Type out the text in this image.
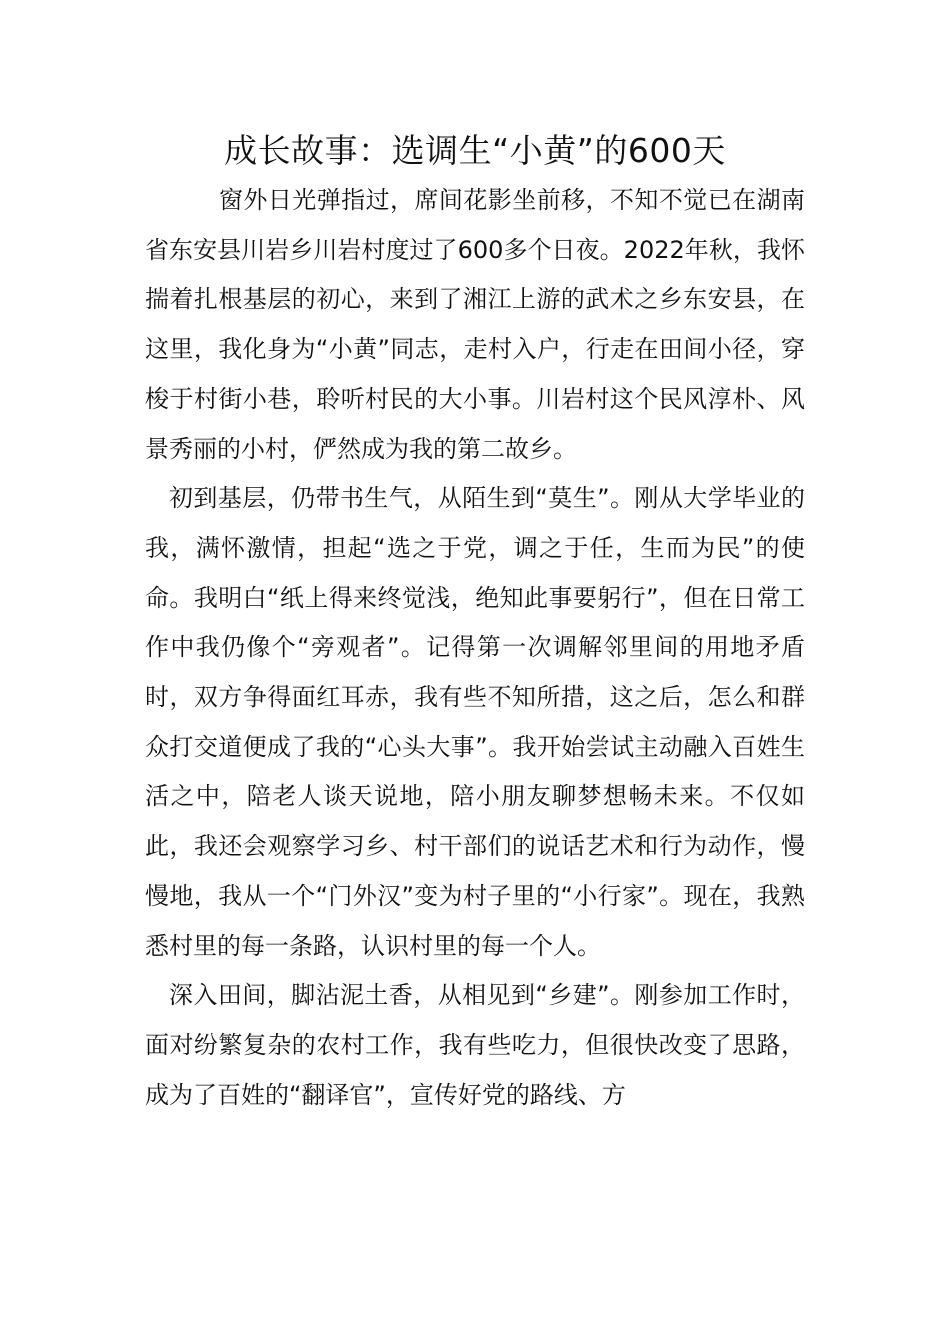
成长故事：选调生“小黄”的600天

窗外日光弹指过，席间花影坐前移，不知不觉已在湖南省东安县川岩乡川岩村度过了600多个日夜。2022年秋，我怀揣着扎根基层的初心，来到了湘江上游的武术之乡东安县，在这里，我化身为“小黄”同志，走村入户，行走在田间小径，穿梭于村街小巷，聆听村民的大小事。川岩村这个民风淳朴、风景秀丽的小村，俨然成为我的第二故乡。

初到基层，仍带书生气，从陌生到“莫生”。刚从大学毕业的我，满怀激情，担起“选之于党，调之于任，生而为民”的使命。我明白“纸上得来终觉浅，绝知此事要躬行”，但在日常工作中我仍像个“旁观者”。记得第一次调解邻里间的用地矛盾时，双方争得面红耳赤，我有些不知所措，这之后，怎么和群众打交道便成了我的“心头大事”。我开始尝试主动融入百姓生活之中，陪老人谈天说地，陪小朋友聊梦想畅未来。不仅如此，我还会观察学习乡、村干部们的说话艺术和行为动作，慢慢地，我从一个“门外汉”变为村子里的“小行家”。现在，我熟悉村里的每一条路，认识村里的每一个人。

深入田间，脚沾泥土香，从相见到“乡建”。刚参加工作时，面对纷繁复杂的农村工作，我有些吃力，但很快改变了思路，成为了百姓的“翻译官”，宣传好党的路线、方
